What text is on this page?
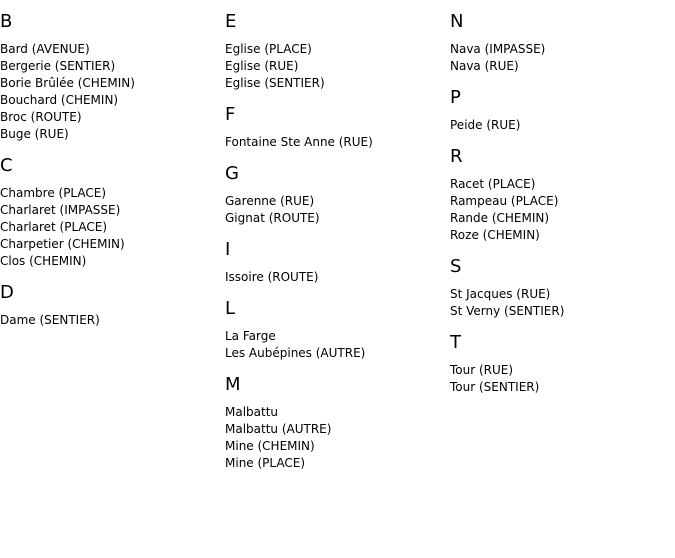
B
Bard (AVENUE)
Bergerie (SENTIER)
Borie Brûlée (CHEMIN)
Bouchard (CHEMIN)
Broc (ROUTE)
Buge (RUE)
C
Chambre (PLACE)
Charlaret (IMPASSE)
Charlaret (PLACE)
Charpetier (CHEMIN)
Clos (CHEMIN)
D
Dame (SENTIER)
E
Eglise (PLACE)
Eglise (RUE)
Eglise (SENTIER)
F
Fontaine Ste Anne (RUE)
G
Garenne (RUE)
Gignat (ROUTE)
I
Issoire (ROUTE)
L
La Farge
Les Aubépines (AUTRE)
M
Malbattu
Malbattu (AUTRE)
Mine (CHEMIN)
Mine (PLACE)
N
Nava (IMPASSE)
Nava (RUE)
P
Peide (RUE)
R
Racet (PLACE)
Rampeau (PLACE)
Rande (CHEMIN)
Roze (CHEMIN)
S
St Jacques (RUE)
St Verny (SENTIER)
T
Tour (RUE)
Tour (SENTIER)
